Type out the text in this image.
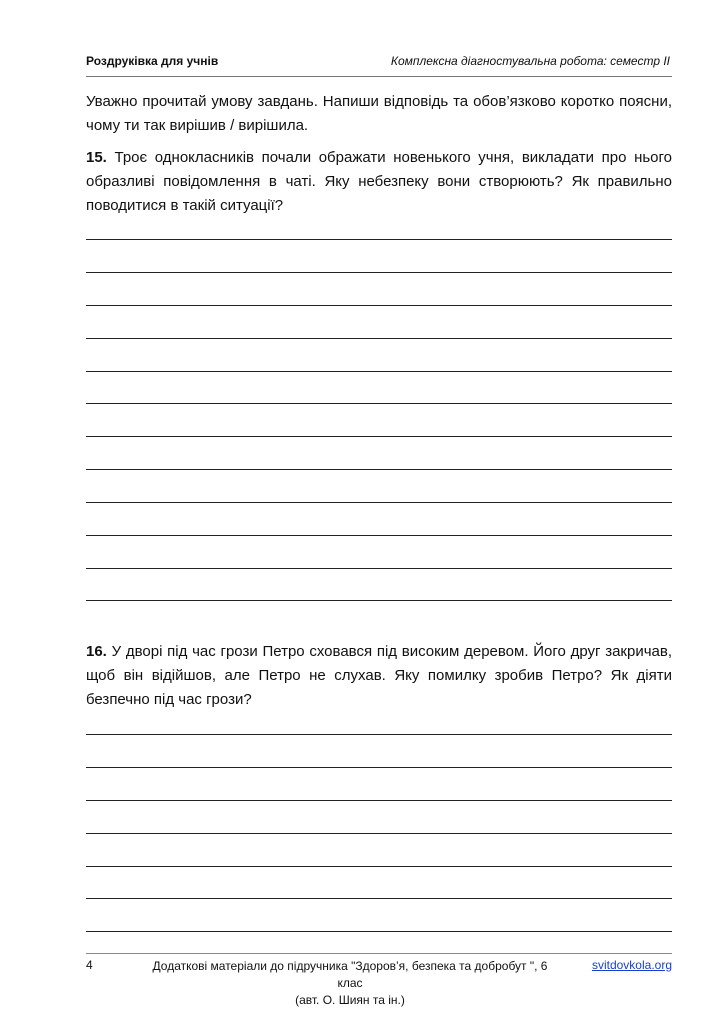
Роздруківка для учнів	Комплексна діагностувальна робота: семестр ІІ
Уважно прочитай умову завдань. Напиши відповідь та обов’язково коротко поясни, чому ти так вирішив / вирішила.
15. Троє однокласників почали ображати новенького учня, викладати про нього образливі повідомлення в чаті. Яку небезпеку вони створюють? Як правильно поводитися в такій ситуації?
16. У дворі під час грози Петро сховався під високим деревом. Його друг закричав, щоб він відійшов, але Петро не слухав. Яку помилку зробив Петро? Як діяти безпечно під час грози?
4	Додаткові матеріали до підручника "Здоров’я, безпека та добробут ", 6 клас
(авт. О. Шиян та ін.)
svitdovkola.org
